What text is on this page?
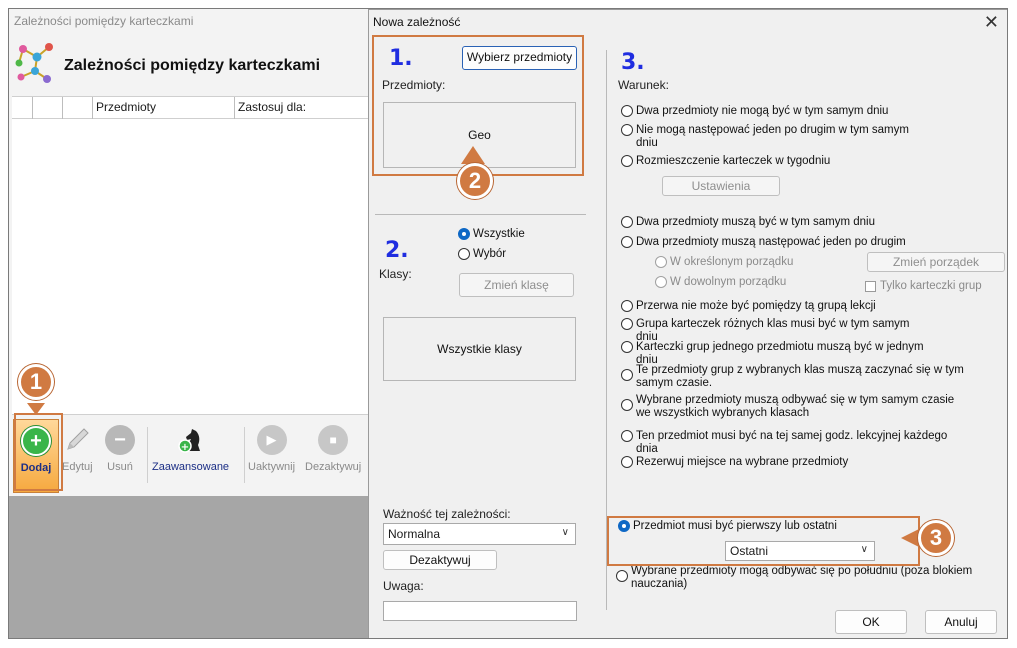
Zależności pomiędzy karteczkami
Zależności pomiędzy karteczkami
Przedmioty	Zastosuj dla:
+
Dodaj Edytuj
−
Usuń
+
Zaawansowane
▶
Uaktywnij
■
Dezaktywuj
1
Nowa zależność	✕
1.	Wybierz przedmioty
Przedmioty:
Geo
2.
Wszystkie
Wybór
Klasy:
Zmień klasę
Wszystkie klasy
Ważność tej zależności:
Normalna	∨
Dezaktywuj
Uwaga:
3.
Warunek:
Dwa przedmioty nie mogą być w tym samym dniu
Nie mogą następować jeden po drugim w tym samym dniu
Rozmieszczenie karteczek w tygodniu
Ustawienia
Dwa przedmioty muszą być w tym samym dniu
Dwa przedmioty muszą następować jeden po drugim
W określonym porządku
W dowolnym porządku
Zmień porządek
Tylko karteczki grup
Przerwa nie może być pomiędzy tą grupą lekcji
Grupa karteczek różnych klas musi być w tym samym dniu
Karteczki grup jednego przedmiotu muszą być w jednym dniu
Te przedmioty grup z wybranych klas muszą zaczynać się w tym samym czasie.
Wybrane przedmioty muszą odbywać się w tym samym czasie we wszystkich wybranych klasach
Ten przedmiot musi być na tej samej godz. lekcyjnej każdego dnia
Rezerwuj miejsce na wybrane przedmioty
Przedmiot musi być pierwszy lub ostatni
Ostatni	∨
Wybrane przedmioty mogą odbywać się po południu (poza blokiem nauczania)
OK	Anuluj
2
3
